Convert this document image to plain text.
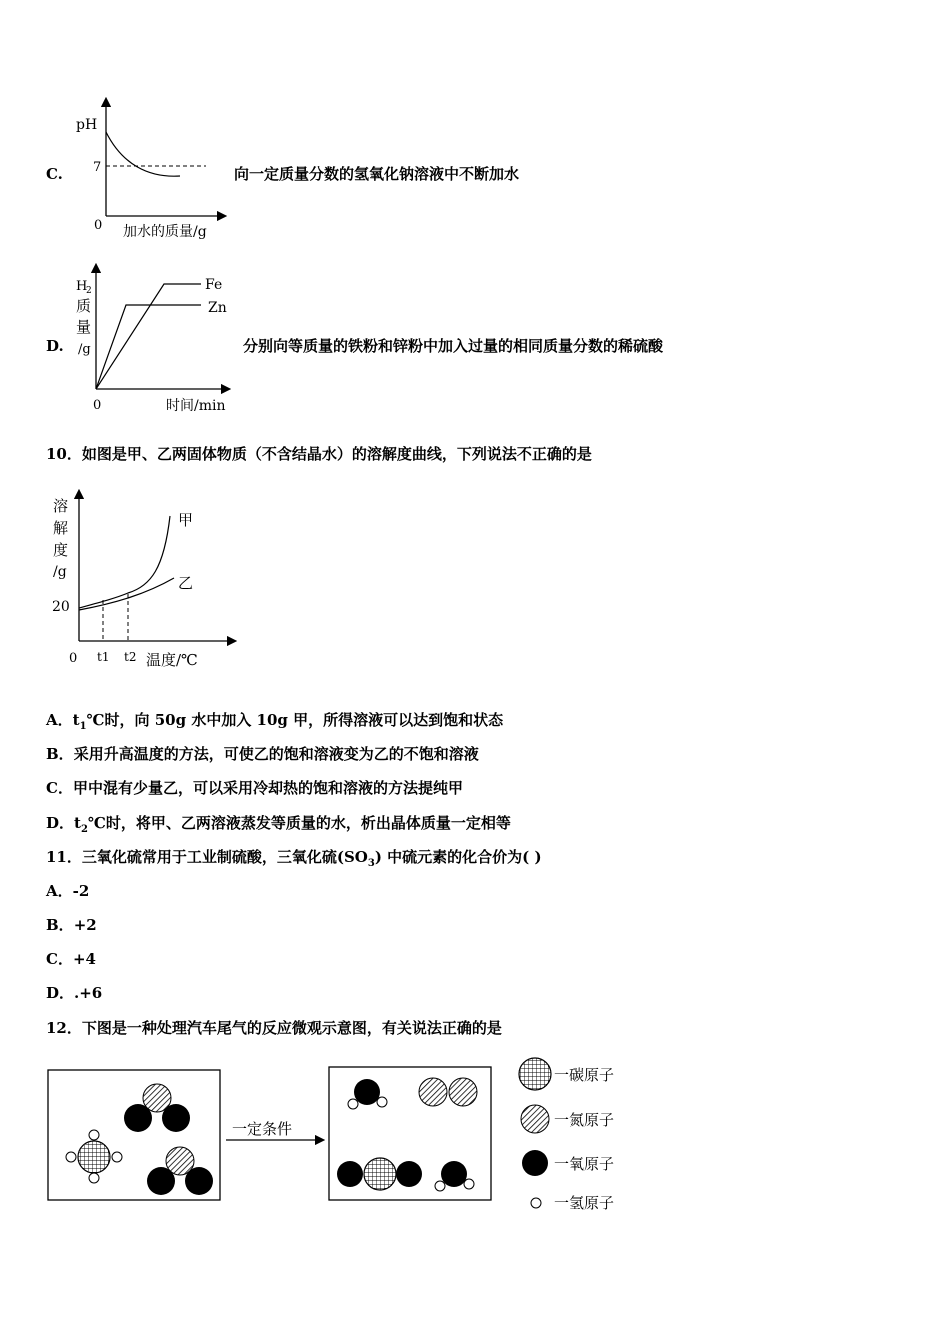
C.
pH
7
0 加水的质量/g
向一定质量分数的氢氧化钠溶液中不断加水
D.
Fe
Zn
H
2
质
量
/g
0	时间/min
分别向等质量的铁粉和锌粉中加入过量的相同质量分数的稀硫酸
10．如图是甲、乙两固体物质（不含结晶水）的溶解度曲线，下列说法不正确的是
甲
乙
溶
解
度
/g
20
0 t1 t2 温度/℃
A．$t_1℃$时，向 50g 水中加入 10g 甲，所得溶液可以达到饱和状态
B．采用升高温度的方法，可使乙的饱和溶液变为乙的不饱和溶液
C．甲中混有少量乙，可以采用冷却热的饱和溶液的方法提纯甲
D．$t_2℃$时，将甲、乙两溶液蒸发等质量的水，析出晶体质量一定相等
11．三氧化硫常用于工业制硫酸，三氧化硫$(SO_3)$ 中硫元素的化合价为( )
A．-2
B．+2
C．+4
D．.+6
12．下图是一种处理汽车尾气的反应微观示意图，有关说法正确的是
一定条件
一碳原子
一氮原子
一氧原子
一氢原子
